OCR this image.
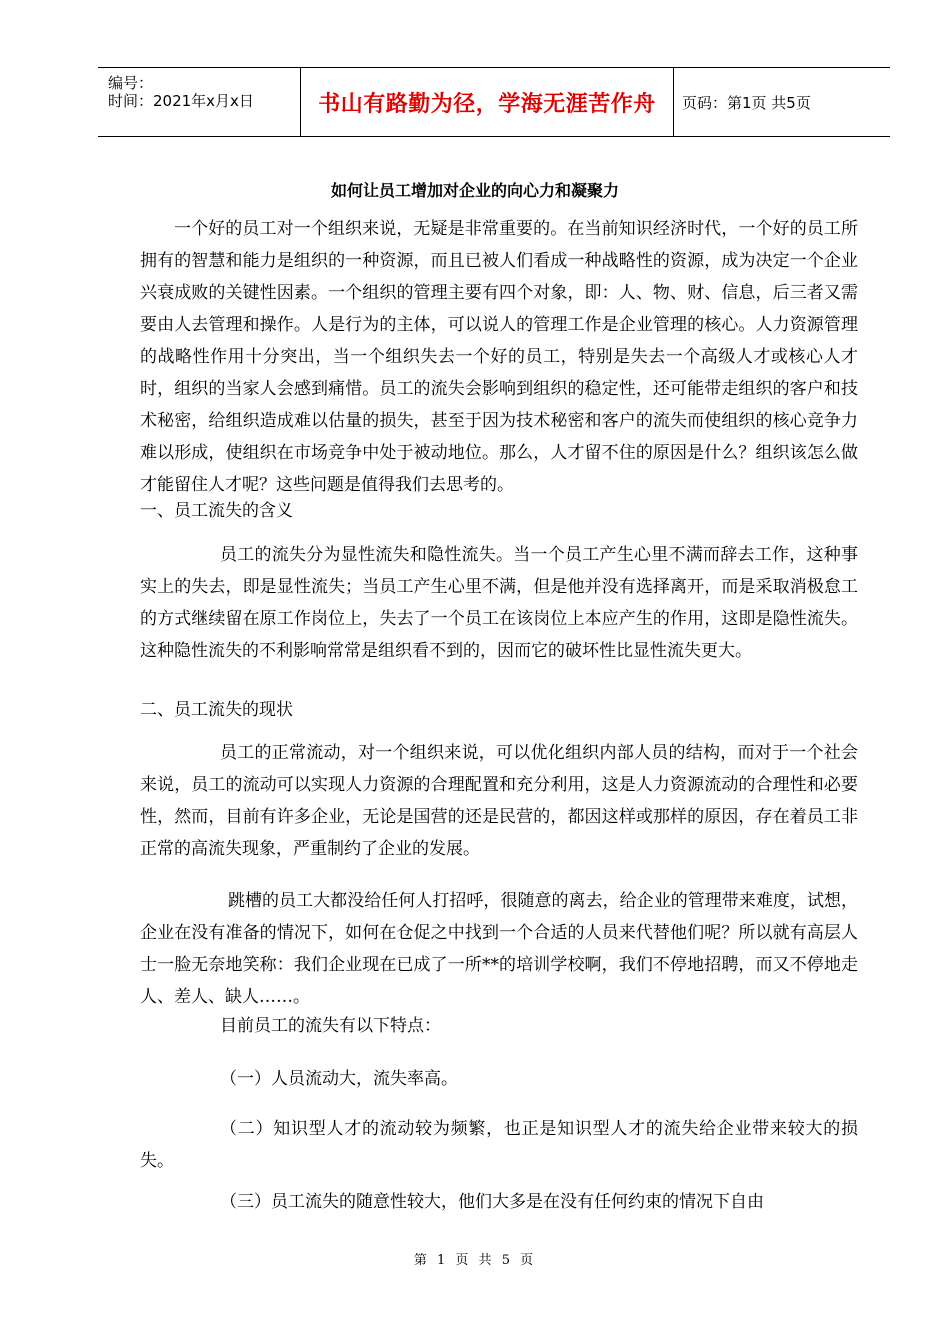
编号：
时间：2021年x月x日	书山有路勤为径，学海无涯苦作舟 页码：第1页 共5页
如何让员工增加对企业的向心力和凝聚力

一个好的员工对一个组织来说，无疑是非常重要的。在当前知识经济时代，一个好的员工所拥有的智慧和能力是组织的一种资源，而且已被人们看成一种战略性的资源，成为决定一个企业兴衰成败的关键性因素。一个组织的管理主要有四个对象，即：人、物、财、信息，后三者又需要由人去管理和操作。人是行为的主体，可以说人的管理工作是企业管理的核心。人力资源管理的战略性作用十分突出，当一个组织失去一个好的员工，特别是失去一个高级人才或核心人才时，组织的当家人会感到痛惜。员工的流失会影响到组织的稳定性，还可能带走组织的客户和技术秘密，给组织造成难以估量的损失，甚至于因为技术秘密和客户的流失而使组织的核心竞争力难以形成，使组织在市场竞争中处于被动地位。那么，人才留不住的原因是什么？组织该怎么做才能留住人才呢？这些问题是值得我们去思考的。

一、员工流失的含义

员工的流失分为显性流失和隐性流失。当一个员工产生心里不满而辞去工作，这种事实上的失去，即是显性流失；当员工产生心里不满，但是他并没有选择离开，而是采取消极怠工的方式继续留在原工作岗位上，失去了一个员工在该岗位上本应产生的作用，这即是隐性流失。这种隐性流失的不利影响常常是组织看不到的，因而它的破坏性比显性流失更大。

二、员工流失的现状

员工的正常流动，对一个组织来说，可以优化组织内部人员的结构，而对于一个社会来说，员工的流动可以实现人力资源的合理配置和充分利用，这是人力资源流动的合理性和必要性，然而，目前有许多企业，无论是国营的还是民营的，都因这样或那样的原因，存在着员工非正常的高流失现象，严重制约了企业的发展。

跳槽的员工大都没给任何人打招呼，很随意的离去，给企业的管理带来难度，试想，企业在没有准备的情况下，如何在仓促之中找到一个合适的人员来代替他们呢？所以就有高层人士一脸无奈地笑称：我们企业现在已成了一所**的培训学校啊，我们不停地招聘，而又不停地走人、差人、缺人……。

目前员工的流失有以下特点：

（一）人员流动大，流失率高。

（二）知识型人才的流动较为频繁，也正是知识型人才的流失给企业带来较大的损失。

（三）员工流失的随意性较大，他们大多是在没有任何约束的情况下自由

第 1 页 共 5 页
